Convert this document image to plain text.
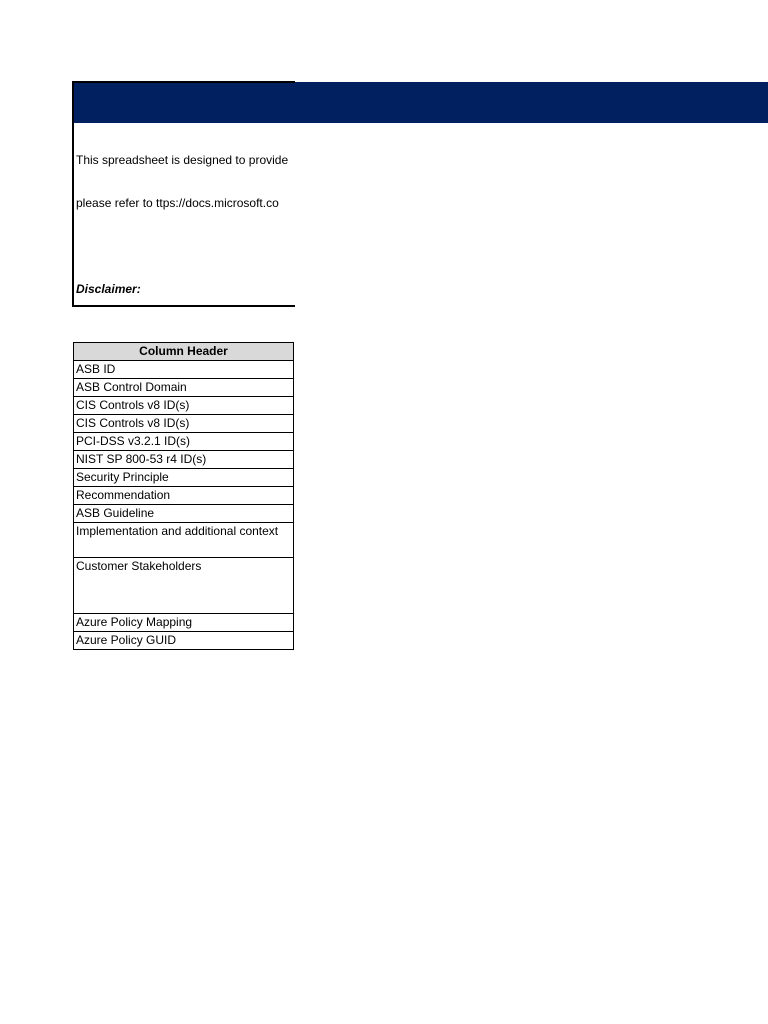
This spreadsheet is designed to provide

please refer to ttps://docs.microsoft.co

Disclaimer:

Column Header
ASB ID
ASB Control Domain
CIS Controls v8 ID(s)
CIS Controls v8 ID(s)
PCI-DSS v3.2.1 ID(s)
NIST SP 800-53 r4 ID(s)
Security Principle
Recommendation
ASB Guideline
Implementation and additional context
Customer Stakeholders
Azure Policy Mapping
Azure Policy GUID
